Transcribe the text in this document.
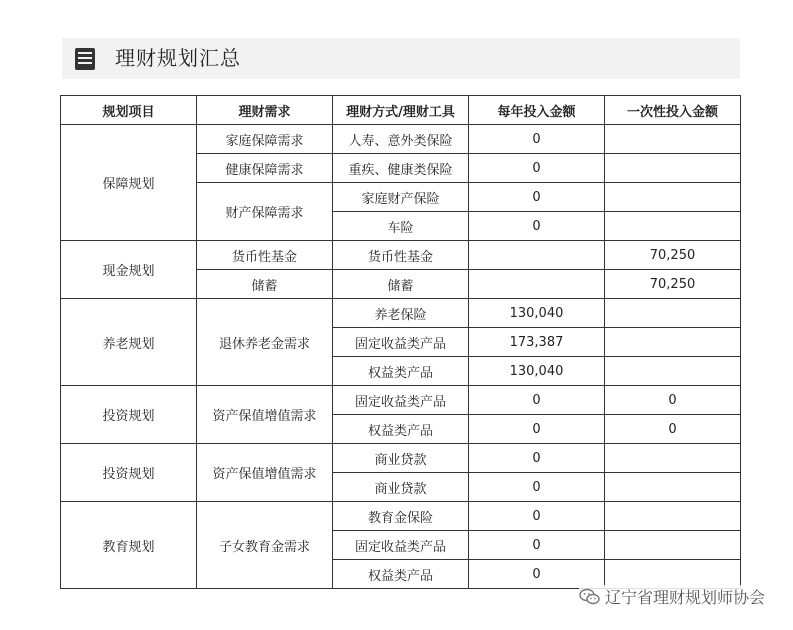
理财规划汇总
规划项目	理财需求	理财方式/理财工具	每年投入金额	一次性投入金额
保障规划	家庭保障需求	人寿、意外类保险	0	
	健康保障需求	重疾、健康类保险	0	
	财产保障需求	家庭财产保险	0	
		车险	0	
现金规划	货币性基金	货币性基金		70,250
	储蓄	储蓄		70,250
养老规划	退休养老金需求	养老保险	130,040	
		固定收益类产品	173,387	
		权益类产品	130,040	
投资规划	资产保值增值需求	固定收益类产品	0	0
		权益类产品	0	0
投资规划	资产保值增值需求	商业贷款	0	
		商业贷款	0	
教育规划	子女教育金需求	教育金保险	0	
		固定收益类产品	0	
		权益类产品	0	
辽宁省理财规划师协会
